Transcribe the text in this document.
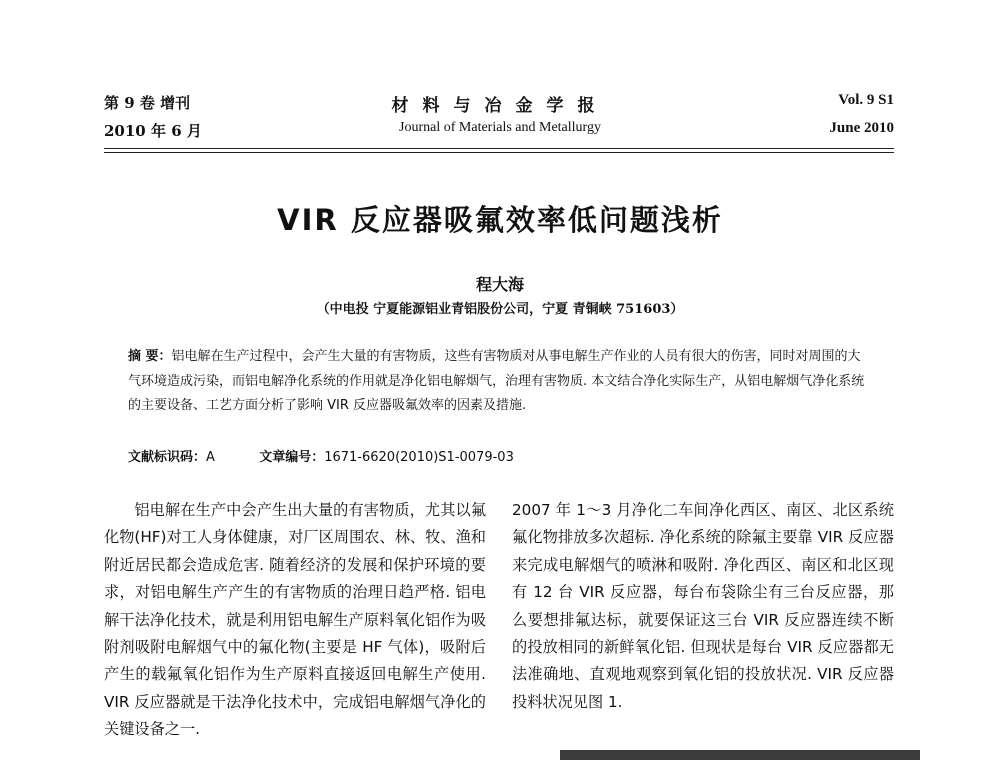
第 9 卷 增刊
2010 年 6 月
材料与冶金学报
Journal of Materials and Metallurgy
Vol. 9 S1
June 2010
VIR 反应器吸氟效率低问题浅析
程大海
（中电投 宁夏能源铝业青铝股份公司，宁夏 青铜峡 751603）
摘 要：铝电解在生产过程中，会产生大量的有害物质，这些有害物质对从事电解生产作业的人员有很大的伤害，同时对周围的大气环境造成污染，而铝电解净化系统的作用就是净化铝电解烟气，治理有害物质. 本文结合净化实际生产，从铝电解烟气净化系统的主要设备、工艺方面分析了影响 VIR 反应器吸氟效率的因素及措施.
文献标识码：A	文章编号：1671-6620(2010)S1-0079-03

铝电解在生产中会产生出大量的有害物质，尤其以氟化物(HF)对工人身体健康，对厂区周围农、林、牧、渔和附近居民都会造成危害. 随着经济的发展和保护环境的要求，对铝电解生产产生的有害物质的治理日趋严格. 铝电解干法净化技术，就是利用铝电解生产原料氧化铝作为吸附剂吸附电解烟气中的氟化物(主要是 HF 气体)，吸附后产生的载氟氧化铝作为生产原料直接返回电解生产使用. VIR 反应器就是干法净化技术中，完成铝电解烟气净化的关键设备之一.

2007 年 1～3 月净化二车间净化西区、南区、北区系统氟化物排放多次超标. 净化系统的除氟主要靠 VIR 反应器来完成电解烟气的喷淋和吸附. 净化西区、南区和北区现有 12 台 VIR 反应器，每台布袋除尘有三台反应器，那么要想排氟达标，就要保证这三台 VIR 反应器连续不断的投放相同的新鲜氧化铝. 但现状是每台 VIR 反应器都无法准确地、直观地观察到氧化铝的投放状况. VIR 反应器投料状况见图 1.
